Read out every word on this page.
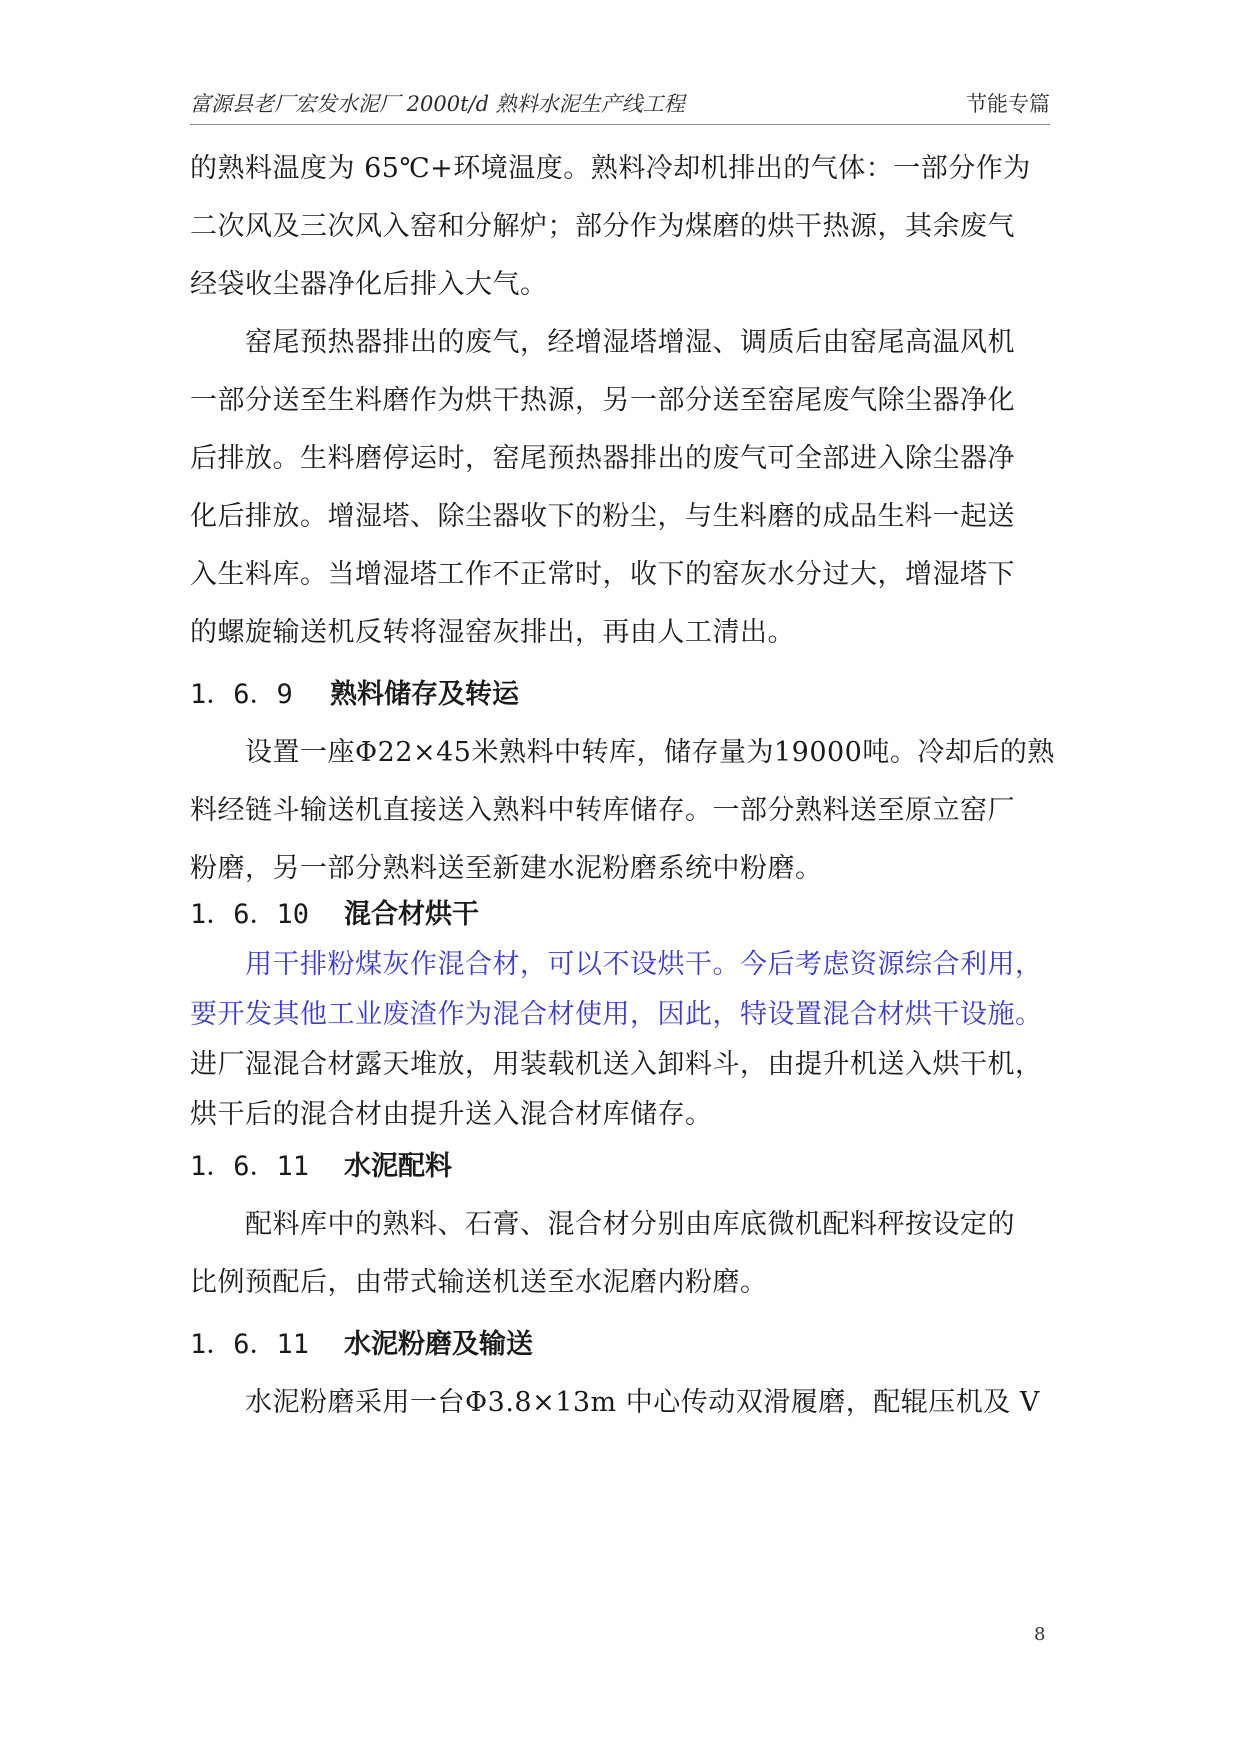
富源县老厂宏发水泥厂 2000t/d 熟料水泥生产线工程	节能专篇
的熟料温度为 65℃+环境温度。熟料冷却机排出的气体：一部分作为
二次风及三次风入窑和分解炉；部分作为煤磨的烘干热源，其余废气
经袋收尘器净化后排入大气。
窑尾预热器排出的废气，经增湿塔增湿、调质后由窑尾高温风机
一部分送至生料磨作为烘干热源，另一部分送至窑尾废气除尘器净化
后排放。生料磨停运时，窑尾预热器排出的废气可全部进入除尘器净
化后排放。增湿塔、除尘器收下的粉尘，与生料磨的成品生料一起送
入生料库。当增湿塔工作不正常时，收下的窑灰水分过大，增湿塔下
的螺旋输送机反转将湿窑灰排出，再由人工清出。
1．6．9 熟料储存及转运
设置一座Φ22×45米熟料中转库，储存量为19000吨。冷却后的熟
料经链斗输送机直接送入熟料中转库储存。一部分熟料送至原立窑厂
粉磨，另一部分熟料送至新建水泥粉磨系统中粉磨。
1．6．10 混合材烘干
用干排粉煤灰作混合材，可以不设烘干。今后考虑资源综合利用，
要开发其他工业废渣作为混合材使用，因此，特设置混合材烘干设施。
进厂湿混合材露天堆放，用装载机送入卸料斗，由提升机送入烘干机，
烘干后的混合材由提升送入混合材库储存。
1．6．11 水泥配料
配料库中的熟料、石膏、混合材分别由库底微机配料秤按设定的
比例预配后，由带式输送机送至水泥磨内粉磨。
1．6．11 水泥粉磨及输送
水泥粉磨采用一台Φ3.8×13m 中心传动双滑履磨，配辊压机及 V
8
